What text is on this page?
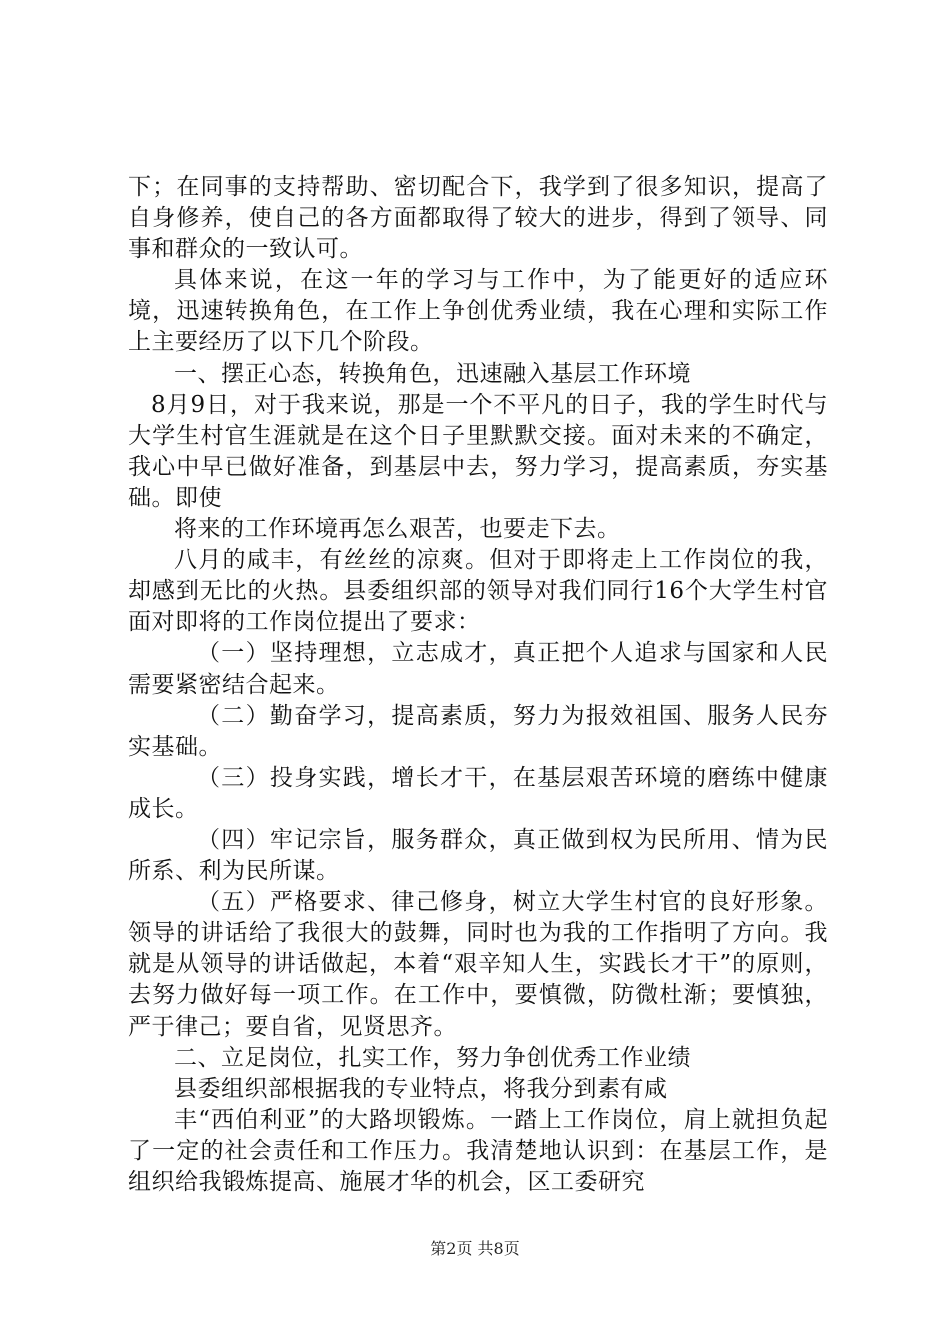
下；在同事的支持帮助、密切配合下，我学到了很多知识，提高了自身修养，使自己的各方面都取得了较大的进步，得到了领导、同事和群众的一致认可。

具体来说，在这一年的学习与工作中，为了能更好的适应环境，迅速转换角色，在工作上争创优秀业绩，我在心理和实际工作上主要经历了以下几个阶段。

一、摆正心态，转换角色，迅速融入基层工作环境

8月9日，对于我来说，那是一个不平凡的日子，我的学生时代与大学生村官生涯就是在这个日子里默默交接。面对未来的不确定，我心中早已做好准备，到基层中去，努力学习，提高素质，夯实基础。即使

将来的工作环境再怎么艰苦，也要走下去。

八月的咸丰，有丝丝的凉爽。但对于即将走上工作岗位的我，却感到无比的火热。县委组织部的领导对我们同行16个大学生村官面对即将的工作岗位提出了要求：

（一）坚持理想，立志成才，真正把个人追求与国家和人民需要紧密结合起来。

（二）勤奋学习，提高素质，努力为报效祖国、服务人民夯实基础。

（三）投身实践，增长才干，在基层艰苦环境的磨练中健康成长。

（四）牢记宗旨，服务群众，真正做到权为民所用、情为民所系、利为民所谋。

（五）严格要求、律己修身，树立大学生村官的良好形象。领导的讲话给了我很大的鼓舞，同时也为我的工作指明了方向。我就是从领导的讲话做起，本着“艰辛知人生，实践长才干”的原则，去努力做好每一项工作。在工作中，要慎微，防微杜渐；要慎独，严于律己；要自省，见贤思齐。

二、立足岗位，扎实工作，努力争创优秀工作业绩

县委组织部根据我的专业特点，将我分到素有咸

丰“西伯利亚”的大路坝锻炼。一踏上工作岗位，肩上就担负起了一定的社会责任和工作压力。我清楚地认识到：在基层工作，是组织给我锻炼提高、施展才华的机会，区工委研究

第2页 共8页
